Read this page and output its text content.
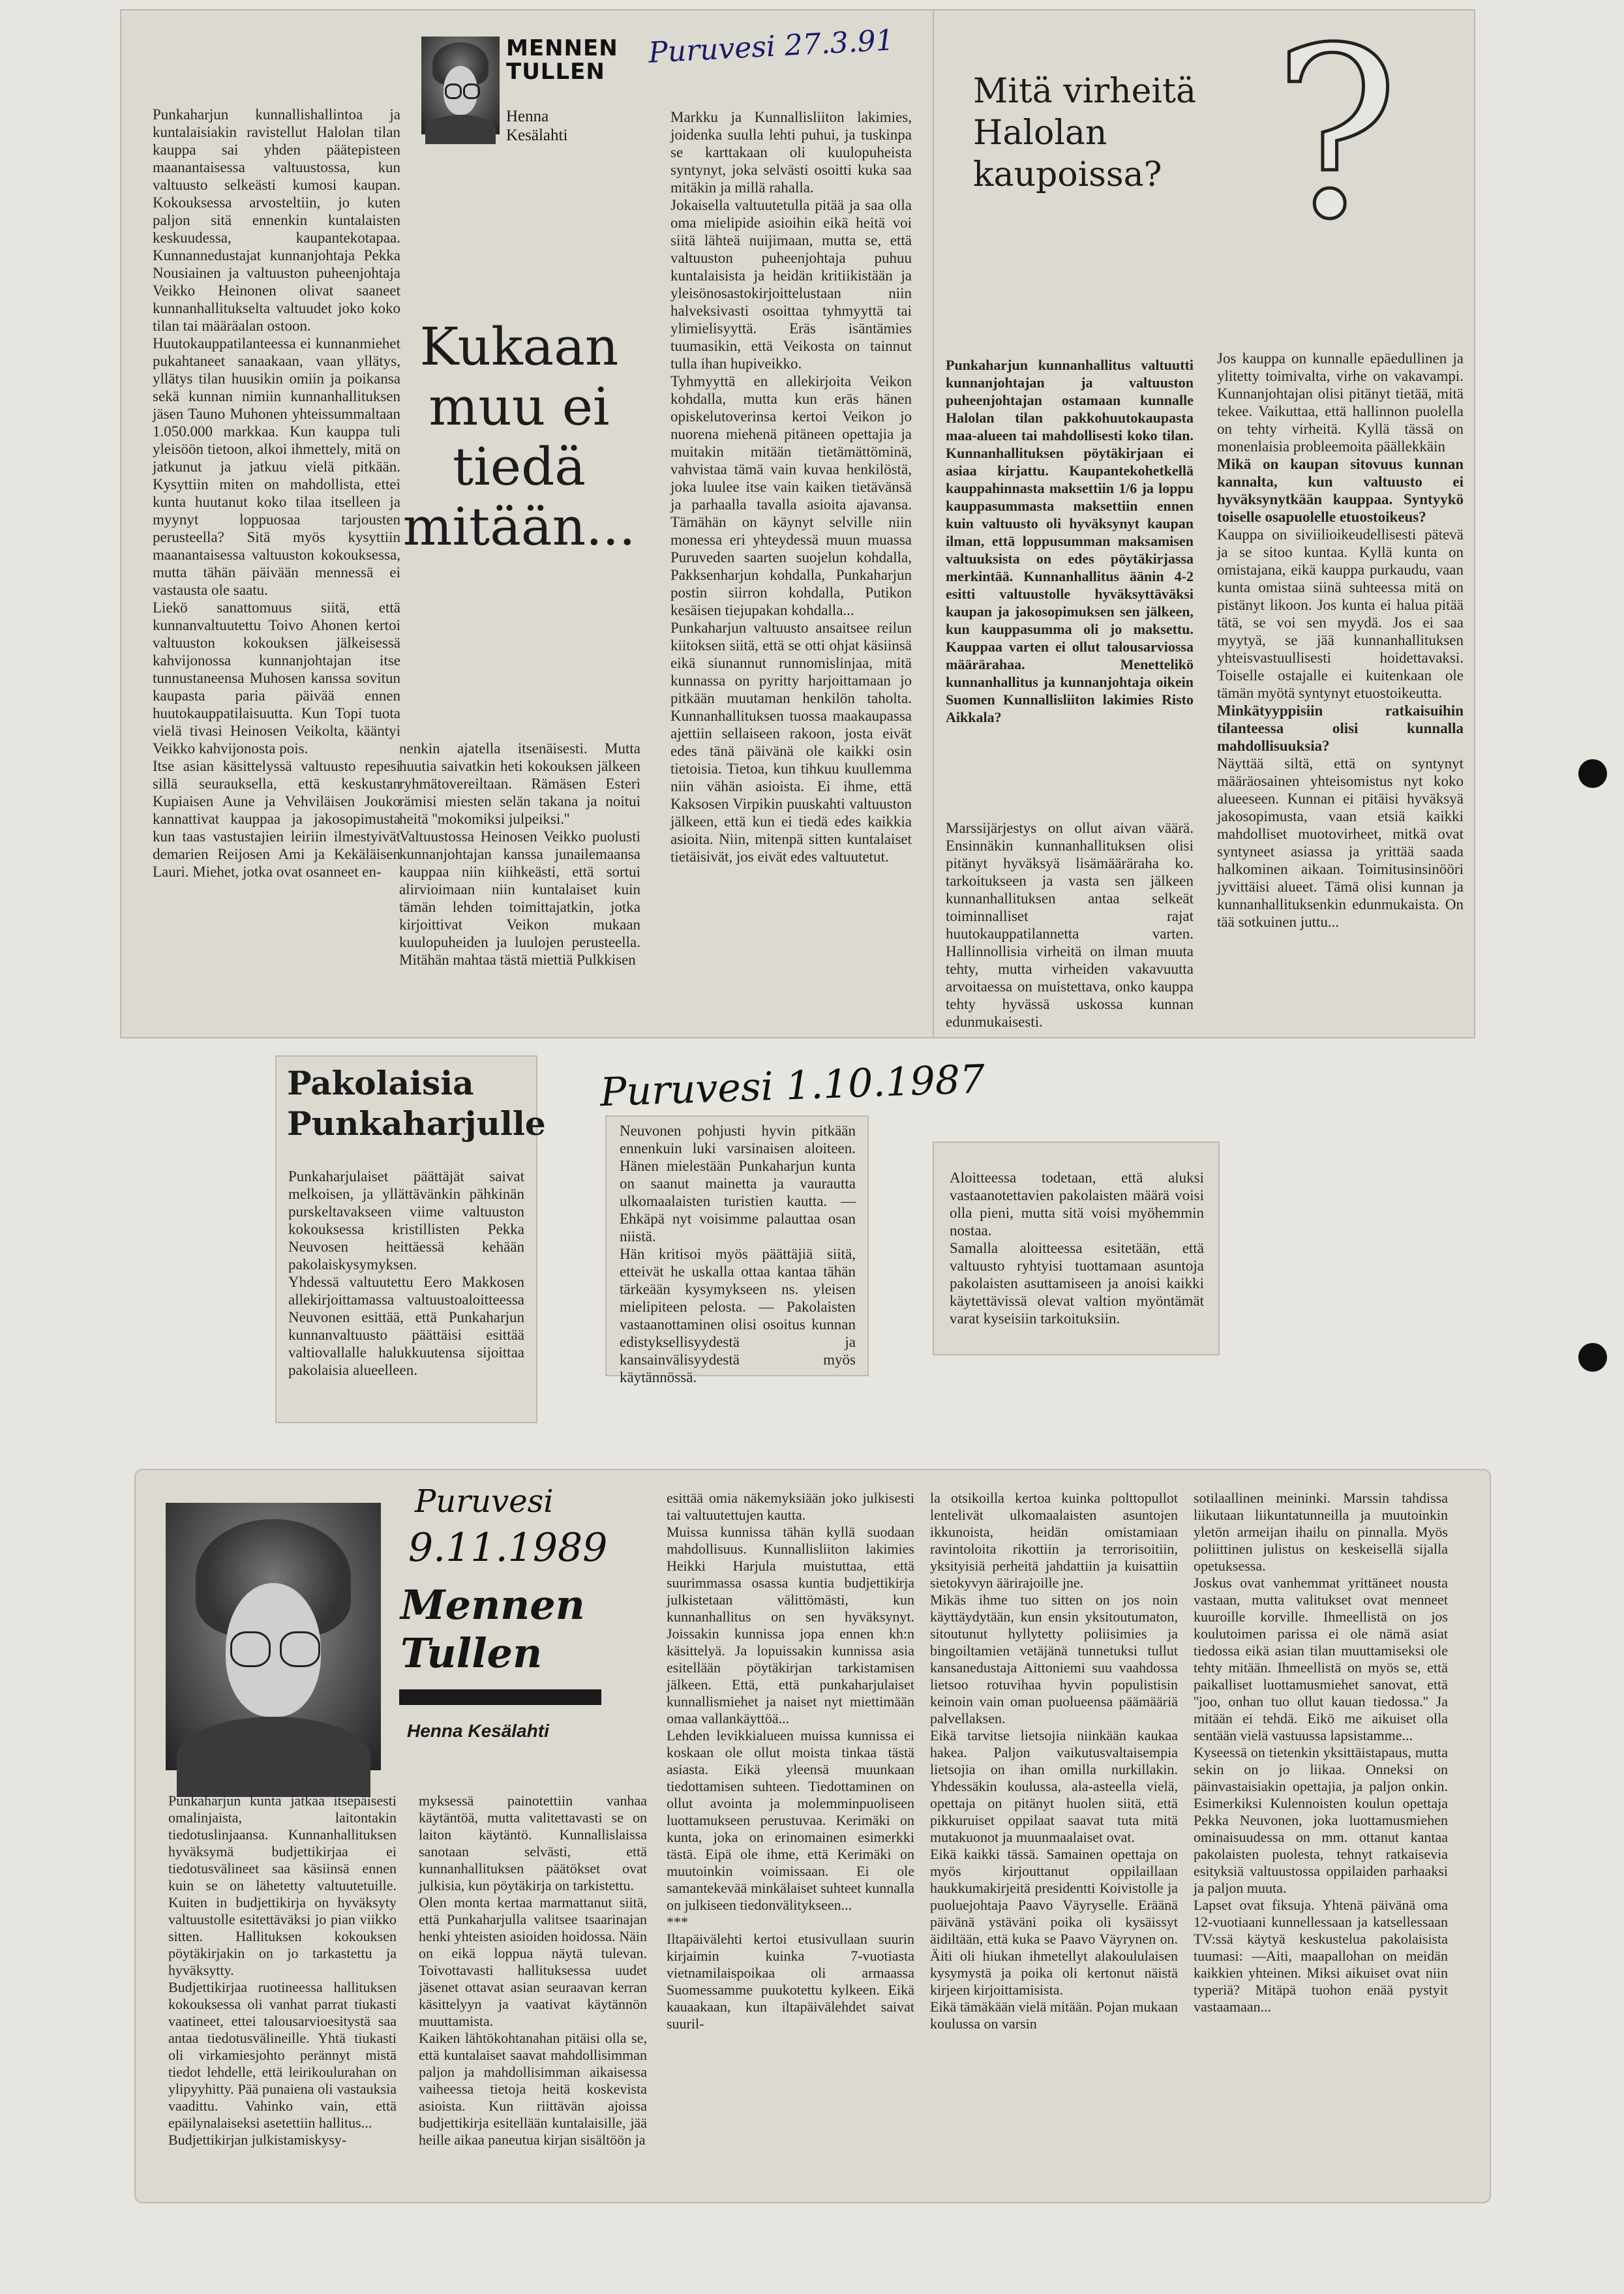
Punkaharjun kunnallishallintoa ja kuntalaisiakin ravistellut Halolan tilan kauppa sai yhden päätepisteen maanantaisessa valtuustossa, kun valtuusto selkeästi kumosi kaupan. Kokouksessa arvosteltiin, jo kuten paljon sitä ennenkin kuntalaisten keskuudessa, kaupantekotapaa. Kunnannedustajat kunnanjohtaja Pekka Nousiainen ja valtuuston puheenjohtaja Veikko Heinonen olivat saaneet kunnanhallitukselta valtuudet joko koko tilan tai määräalan ostoon.
Huutokauppatilanteessa ei kunnanmiehet pukahtaneet sanaakaan, vaan yllätys, yllätys tilan huusikin omiin ja poikansa sekä kunnan nimiin kunnanhallituksen jäsen Tauno Muhonen yhteissummaltaan 1.050.000 markkaa. Kun kauppa tuli yleisöön tietoon, alkoi ihmettely, mitä on jatkunut ja jatkuu vielä pitkään. Kysyttiin miten on mahdollista, ettei kunta huutanut koko tilaa itselleen ja myynyt loppuosaa tarjousten perusteella? Sitä myös kysyttiin maanantaisessa valtuuston kokouksessa, mutta tähän päivään mennessä ei vastausta ole saatu.
Liekö sanattomuus siitä, että kunnanvaltuutettu Toivo Ahonen kertoi valtuuston kokouksen jälkeisessä kahvijonossa kunnanjohtajan itse tunnustaneensa Muhosen kanssa sovitun kaupasta paria päivää ennen huutokauppatilaisuutta. Kun Topi tuota vielä tivasi Heinosen Veikolta, kääntyi Veikko kahvijonosta pois.
Itse asian käsittelyssä valtuusto repesi sillä seurauksella, että keskustan Kupiaisen Aune ja Vehviläisen Jouko kannattivat kauppaa ja jakosopimusta kun taas vastustajien leiriin ilmestyivät demarien Reijosen Ami ja Kekäläisen Lauri. Miehet, jotka ovat osanneet en-
MENNEN
TULLEN
Henna Kesälahti
Kukaan muu ei tiedä mitään...
nenkin ajatella itsenäisesti. Mutta huutia saivatkin heti kokouksen jälkeen ryhmätovereiltaan. Rämäsen Esteri rämisi miesten selän takana ja noitui heitä ''mokomiksi julpeiksi.''
Valtuustossa Heinosen Veikko puolusti kunnanjohtajan kanssa junailemaansa kauppaa niin kiihkeästi, että sortui alirvioimaan niin kuntalaiset kuin tämän lehden toimittajatkin, jotka kirjoittivat Veikon mukaan kuulopuheiden ja luulojen perusteella. Mitähän mahtaa tästä miettiä Pulkkisen
Puruvesi 27.3.91
Markku ja Kunnallisliiton lakimies, joidenka suulla lehti puhui, ja tuskinpa se karttakaan oli kuulopuheista syntynyt, joka selvästi osoitti kuka saa mitäkin ja millä rahalla.
Jokaisella valtuutetulla pitää ja saa olla oma mielipide asioihin eikä heitä voi siitä lähteä nuijimaan, mutta se, että valtuuston puheenjohtaja puhuu kuntalaisista ja heidän kritiikistään ja yleisönosastokirjoittelustaan niin halveksivasti osoittaa tyhmyyttä tai ylimielisyyttä. Eräs isäntämies tuumasikin, että Veikosta on tainnut tulla ihan hupiveikko.
Tyhmyyttä en allekirjoita Veikon kohdalla, mutta kun eräs hänen opiskelutoverinsa kertoi Veikon jo nuorena miehenä pitäneen opettajia ja muitakin mitään tietämättöminä, vahvistaa tämä vain kuvaa henkilöstä, joka luulee itse vain kaiken tietävänsä ja parhaalla tavalla asioita ajavansa. Tämähän on käynyt selville niin monessa eri yhteydessä muun muassa Puruveden saarten suojelun kohdalla, Pakksenharjun kohdalla, Punkaharjun postin siirron kohdalla, Putikon kesäisen tiejupakan kohdalla...
Punkaharjun valtuusto ansaitsee reilun kiitoksen siitä, että se otti ohjat käsiinsä eikä siunannut runnomislinjaa, mitä kunnassa on pyritty harjoittamaan jo pitkään muutaman henkilön taholta. Kunnanhallituksen tuossa maakaupassa ajettiin sellaiseen rakoon, josta eivät edes tänä päivänä ole kaikki osin tietoisia. Tietoa, kun tihkuu kuullemma niin vähän asioista. Ei ihme, että Kaksosen Virpikin puuskahti valtuuston jälkeen, että kun ei tiedä edes kaikkia asioita. Niin, mitenpä sitten kuntalaiset tietäisivät, jos eivät edes valtuutetut.
Mitä virheitä Halolan kaupoissa? ?
Punkaharjun kunnanhallitus valtuutti kunnanjohtajan ja valtuuston puheenjohtajan ostamaan kunnalle Halolan tilan pakkohuutokaupasta maa-alueen tai mahdollisesti koko tilan. Kunnanhallituksen pöytäkirjaan ei asiaa kirjattu. Kaupantekohetkellä kauppahinnasta maksettiin 1/6 ja loppu kauppasummasta maksettiin ennen kuin valtuusto oli hyväksynyt kaupan ilman, että loppusumman maksamisen valtuuksista on edes pöytäkirjassa merkintää. Kunnanhallitus äänin 4-2 esitti valtuustolle hyväksyttäväksi kaupan ja jakosopimuksen sen jälkeen, kun kauppasumma oli jo maksettu. Kauppaa varten ei ollut talousarviossa määrärahaa. Menettelikö kunnanhallitus ja kunnanjohtaja oikein Suomen Kunnallisliiton lakimies Risto Aikkala?
Marssijärjestys on ollut aivan väärä. Ensinnäkin kunnanhallituksen olisi pitänyt hyväksyä lisämääräraha ko. tarkoitukseen ja vasta sen jälkeen kunnanhallituksen antaa selkeät toiminnalliset rajat huutokauppatilannetta varten. Hallinnollisia virheitä on ilman muuta tehty, mutta virheiden vakavuutta arvoitaessa on muistettava, onko kauppa tehty hyvässä uskossa kunnan edunmukaisesti.
Jos kauppa on kunnalle epäedullinen ja ylitetty toimivalta, virhe on vakavampi. Kunnanjohtajan olisi pitänyt tietää, mitä tekee. Vaikuttaa, että hallinnon puolella on tehty virheitä. Kyllä tässä on monenlaisia probleemoita päällekkäin
Mikä on kaupan sitovuus kunnan kannalta, kun valtuusto ei hyväksynytkään kauppaa. Syntyykö toiselle osapuolelle etuostoikeus?
Kauppa on siviilioikeudellisesti pätevä ja se sitoo kuntaa. Kyllä kunta on omistajana, eikä kauppa purkaudu, vaan kunta omistaa siinä suhteessa mitä on pistänyt likoon. Jos kunta ei halua pitää tätä, se voi sen myydä. Jos ei saa myytyä, se jää kunnanhallituksen yhteisvastuullisesti hoidettavaksi. Toiselle ostajalle ei kuitenkaan ole tämän myötä syntynyt etuostoikeutta.
Minkätyyppisiin ratkaisuihin tilanteessa olisi kunnalla mahdollisuuksia?
Näyttää siltä, että on syntynyt määräosainen yhteisomistus nyt koko alueeseen. Kunnan ei pitäisi hyväksyä jakosopimusta, vaan etsiä kaikki mahdolliset muotovirheet, mitkä ovat syntyneet asiassa ja yrittää saada halkominen aikaan. Toimitusinsinööri jyvittäisi alueet. Tämä olisi kunnan ja kunnanhallituksenkin edunmukaista. On tää sotkuinen juttu...
Pakolaisia
Punkaharjulle
Punkaharjulaiset päättäjät saivat melkoisen, ja yllättävänkin pähkinän purskeltavakseen viime valtuuston kokouksessa kristillisten Pekka Neuvosen heittäessä kehään pakolaiskysymyksen.
Yhdessä valtuutettu Eero Makkosen allekirjoittamassa valtuustoaloitteessa Neuvonen esittää, että Punkaharjun kunnanvaltuusto päättäisi esittää valtiovallalle halukkuutensa sijoittaa pakolaisia alueelleen.
Puruvesi 1.10.1987
Neuvonen pohjusti hyvin pitkään ennenkuin luki varsinaisen aloiteen. Hänen mielestään Punkaharjun kunta on saanut mainetta ja vaurautta ulkomaalaisten turistien kautta. —Ehkäpä nyt voisimme palauttaa osan niistä.
Hän kritisoi myös päättäjiä siitä, etteivät he uskalla ottaa kantaa tähän tärkeään kysymykseen ns. yleisen mielipiteen pelosta. — Pakolaisten vastaanottaminen olisi osoitus kunnan edistyksellisyydestä ja kansainvälisyydestä myös käytännössä.
Aloitteessa todetaan, että aluksi vastaanotettavien pakolaisten määrä voisi olla pieni, mutta sitä voisi myöhemmin nostaa.
Samalla aloitteessa esitetään, että valtuusto ryhtyisi tuottamaan asuntoja pakolaisten asuttamiseen ja anoisi kaikki käytettävissä olevat valtion myöntämät varat kyseisiin tarkoituksiin.
Puruvesi
9.11.1989
Mennen
Tullen
Henna Kesälahti
Punkaharjun kunta jatkaa itsepäisesti omalinjaista, laitontakin tiedotuslinjaansa. Kunnanhallituksen hyväksymä budjettikirjaa ei tiedotusvälineet saa käsiinsä ennen kuin se on lähetetty valtuutetuille. Kuiten in budjettikirja on hyväksyty valtuustolle esitettäväksi jo pian viikko sitten. Hallituksen kokouksen pöytäkirjakin on jo tarkastettu ja hyväksytty.
Budjettikirjaa ruotineessa hallituksen kokouksessa oli vanhat parrat tiukasti vaatineet, ettei talousarvioesitystä saa antaa tiedotusvälineille. Yhtä tiukasti oli virkamiesjohto perännyt mistä tiedot lehdelle, että leirikoulurahan on ylipyyhitty. Pää punaiena oli vastauksia vaadittu. Vahinko vain, että epäilynalaiseksi asetettiin hallitus...
Budjettikirjan julkistamiskysy-
myksessä painotettiin vanhaa käytäntöä, mutta valitettavasti se on laiton käytäntö. Kunnallislaissa sanotaan selvästi, että kunnanhallituksen päätökset ovat julkisia, kun pöytäkirja on tarkistettu.
Olen monta kertaa marmattanut siitä, että Punkaharjulla valitsee tsaarinajan henki yhteisten asioiden hoidossa. Näin on eikä loppua näytä tulevan. Toivottavasti hallituksessa uudet jäsenet ottavat asian seuraavan kerran käsittelyyn ja vaativat käytännön muuttamista.
Kaiken lähtökohtanahan pitäisi olla se, että kuntalaiset saavat mahdollisimman paljon ja mahdollisimman aikaisessa vaiheessa tietoja heitä koskevista asioista. Kun riittävän ajoissa budjettikirja esitellään kuntalaisille, jää heille aikaa paneutua kirjan sisältöön ja
esittää omia näkemyksiään joko julkisesti tai valtuutettujen kautta.
Muissa kunnissa tähän kyllä suodaan mahdollisuus. Kunnallisliiton lakimies Heikki Harjula muistuttaa, että suurimmassa osassa kuntia budjettikirja julkistetaan välittömästi, kun kunnanhallitus on sen hyväksynyt. Joissakin kunnissa jopa ennen kh:n käsittelyä. Ja lopuissakin kunnissa asia esitellään pöytäkirjan tarkistamisen jälkeen. Että, että punkaharjulaiset kunnallismiehet ja naiset nyt miettimään omaa vallankäyttöä...
Lehden levikkialueen muissa kunnissa ei koskaan ole ollut moista tinkaa tästä asiasta. Eikä yleensä muunkaan tiedottamisen suhteen. Tiedottaminen on ollut avointa ja molemminpuoliseen luottamukseen perustuvaa. Kerimäki on kunta, joka on erinomainen esimerkki tästä. Eipä ole ihme, että Kerimäki on muutoinkin voimissaan. Ei ole samantekevää minkälaiset suhteet kunnalla on julkiseen tiedonvälitykseen...
***
Iltapäivälehti kertoi etusivullaan suurin kirjaimin kuinka 7-vuotiasta vietnamilaispoikaa oli armaassa Suomessamme puukotettu kylkeen. Eikä kauaakaan, kun iltapäivälehdet saivat suuril-
la otsikoilla kertoa kuinka polttopullot lentelivät ulkomaalaisten asuntojen ikkunoista, heidän omistamiaan ravintoloita rikottiin ja terrorisoitiin, yksityisiä perheitä jahdattiin ja kuisattiin sietokyvyn äärirajoille jne.
Mikäs ihme tuo sitten on jos noin käyttäydytään, kun ensin yksitoutumaton, sitoutunut hyllytetty poliisimies ja bingoiltamien vetäjänä tunnetuksi tullut kansanedustaja Aittoniemi suu vaahdossa lietsoo rotuvihaa hyvin populistisin keinoin vain oman puolueensa päämääriä palvellaksen.
Eikä tarvitse lietsojia niinkään kaukaa hakea. Paljon vaikutusvaltaisempia lietsojia on ihan omilla nurkillakin. Yhdessäkin koulussa, ala-asteella vielä, opettaja on pitänyt huolen siitä, että pikkuruiset oppilaat saavat tuta mitä mutakuonot ja muunmaalaiset ovat.
Eikä kaikki tässä. Samainen opettaja on myös kirjouttanut oppilaillaan haukkumakirjeitä presidentti Koivistolle ja puoluejohtaja Paavo Väyryselle. Eräänä päivänä ystäväni poika oli kysäissyt äidiltään, että kuka se Paavo Väyrynen on. Äiti oli hiukan ihmetellyt alakoululaisen kysymystä ja poika oli kertonut näistä kirjeen kirjoittamisista.
Eikä tämäkään vielä mitään. Pojan mukaan koulussa on varsin
sotilaallinen meininki. Marssin tahdissa liikutaan liikuntatunneilla ja muutoinkin yletön armeijan ihailu on pinnalla. Myös poliittinen julistus on keskeisellä sijalla opetuksessa.
Joskus ovat vanhemmat yrittäneet nousta vastaan, mutta valitukset ovat menneet kuuroille korville. Ihmeellistä on jos koulutoimen parissa ei ole nämä asiat tiedossa eikä asian tilan muuttamiseksi ole tehty mitään. Ihmeellistä on myös se, että paikalliset luottamusmiehet sanovat, että ''joo, onhan tuo ollut kauan tiedossa.'' Ja mitään ei tehdä. Eikö me aikuiset olla sentään vielä vastuussa lapsistamme...
Kyseessä on tietenkin yksittäistapaus, mutta sekin on jo liikaa. Onneksi on päinvastaisiakin opettajia, ja paljon onkin. Esimerkiksi Kulennoisten koulun opettaja Pekka Neuvonen, joka luottamusmiehen ominaisuudessa on mm. ottanut kantaa pakolaisten puolesta, tehnyt ratkaisevia esityksiä valtuustossa oppilaiden parhaaksi ja paljon muuta.
Lapset ovat fiksuja. Yhtenä päivänä oma 12-vuotiaani kunnellessaan ja katsellessaan TV:ssä käytyä keskustelua pakolaisista tuumasi: —Aiti, maapallohan on meidän kaikkien yhteinen. Miksi aikuiset ovat niin typeriä? Mitäpä tuohon enää pystyit vastaamaan...
